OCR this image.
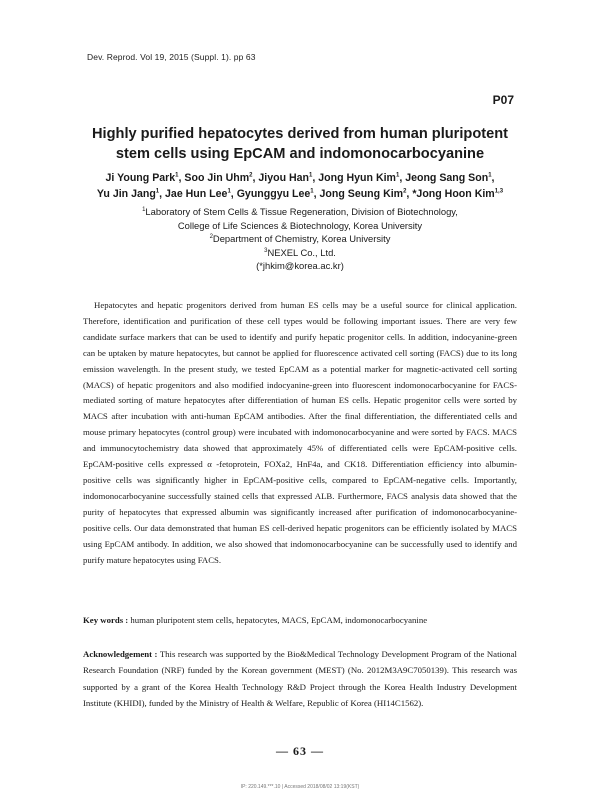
Dev. Reprod. Vol 19, 2015 (Suppl. 1). pp 63
P07
Highly purified hepatocytes derived from human pluripotent
stem cells using EpCAM and indomonocarbocyanine
Ji Young Park$^1$, Soo Jin Uhm$^2$, Jiyou Han$^1$, Jong Hyun Kim$^1$, Jeong Sang Son$^1$,
Yu Jin Jang$^1$, Jae Hun Lee$^1$, Gyunggyu Lee$^1$, Jong Seung Kim$^2$, *Jong Hoon Kim$^{1,3}$
$^1$Laboratory of Stem Cells & Tissue Regeneration, Division of Biotechnology,
College of Life Sciences & Biotechnology, Korea University
$^2$Department of Chemistry, Korea University
$^3$NEXEL Co., Ltd.
(*jhkim@korea.ac.kr)
Hepatocytes and hepatic progenitors derived from human ES cells may be a useful source for clinical application. Therefore, identification and purification of these cell types would be following important issues. There are very few candidate surface markers that can be used to identify and purify hepatic progenitor cells. In addition, indocyanine-green can be uptaken by mature hepatocytes, but cannot be applied for fluorescence activated cell sorting (FACS) due to its long emission wavelength. In the present study, we tested EpCAM as a potential marker for magnetic-activated cell sorting (MACS) of hepatic progenitors and also modified indocyanine-green into fluorescent indomonocarbocyanine for FACS-mediated sorting of mature hepatocytes after differentiation of human ES cells. Hepatic progenitor cells were sorted by MACS after incubation with anti-human EpCAM antibodies. After the final differentiation, the differentiated cells and mouse primary hepatocytes (control group) were incubated with indomonocarbocyanine and were sorted by FACS. MACS and immunocytochemistry data showed that approximately 45% of differentiated cells were EpCAM-positive cells. EpCAM-positive cells expressed α -fetoprotein, FOXa2, HnF4a, and CK18. Differentiation efficiency into albumin-positive cells was significantly higher in EpCAM-positive cells, compared to EpCAM-negative cells. Importantly, indomonocarbocyanine successfully stained cells that expressed ALB. Furthermore, FACS analysis data showed that the purity of hepatocytes that expressed albumin was significantly increased after purification of indomonocarbocyanine-positive cells. Our data demonstrated that human ES cell-derived hepatic progenitors can be efficiently isolated by MACS using EpCAM antibody. In addition, we also showed that indomonocarbocyanine can be successfully used to identify and purify mature hepatocytes using FACS.
Key words : human pluripotent stem cells, hepatocytes, MACS, EpCAM, indomonocarbocyanine
Acknowledgement : This research was supported by the Bio&Medical Technology Development Program of the National Research Foundation (NRF) funded by the Korean government (MEST) (No. 2012M3A9C7050139). This research was supported by a grant of the Korea Health Technology R&D Project through the Korea Health Industry Development Institute (KHIDI), funded by the Ministry of Health & Welfare, Republic of Korea (HI14C1562).
— 63 —
IP: 220.149.***.10 | Accessed 2018/08/02 13:19(KST)
